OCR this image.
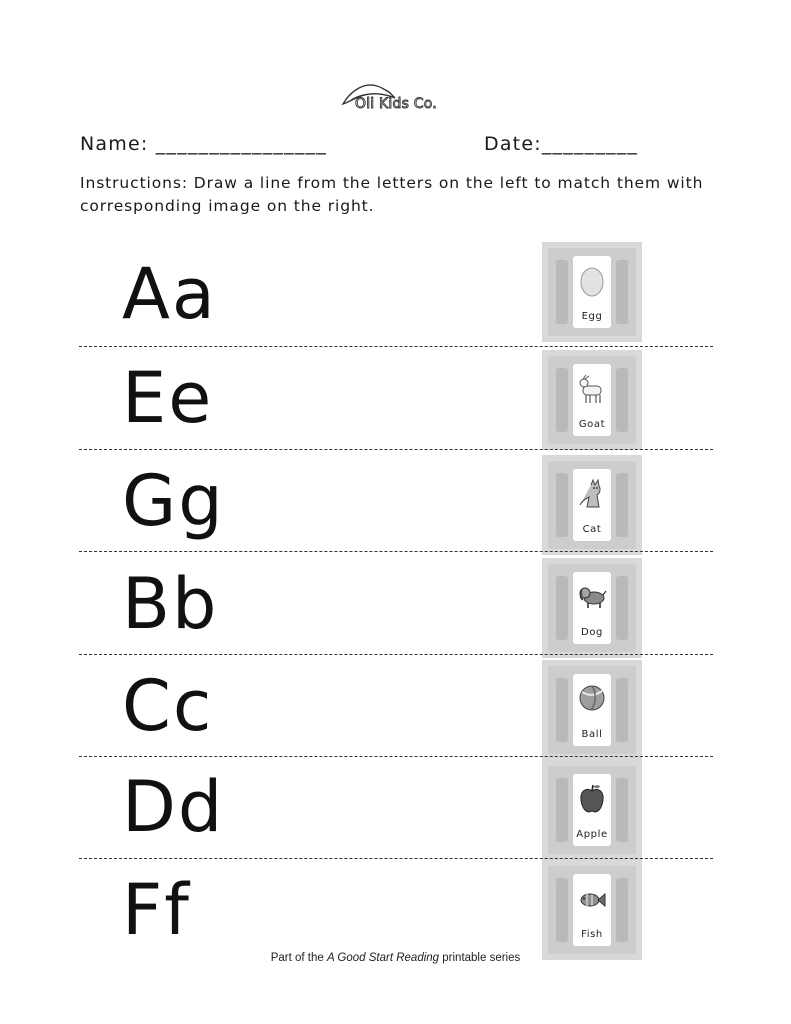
Oli Kids Co.
Name: ________________	Date:_________
Instructions: Draw a line from the letters on the left to match them with corresponding image on the right.
Aa	Egg
Ee	Goat
Gg	Cat
Bb	Dog
Cc	Ball
Dd	Apple
Ff	Fish
Part of the A Good Start Reading printable series
